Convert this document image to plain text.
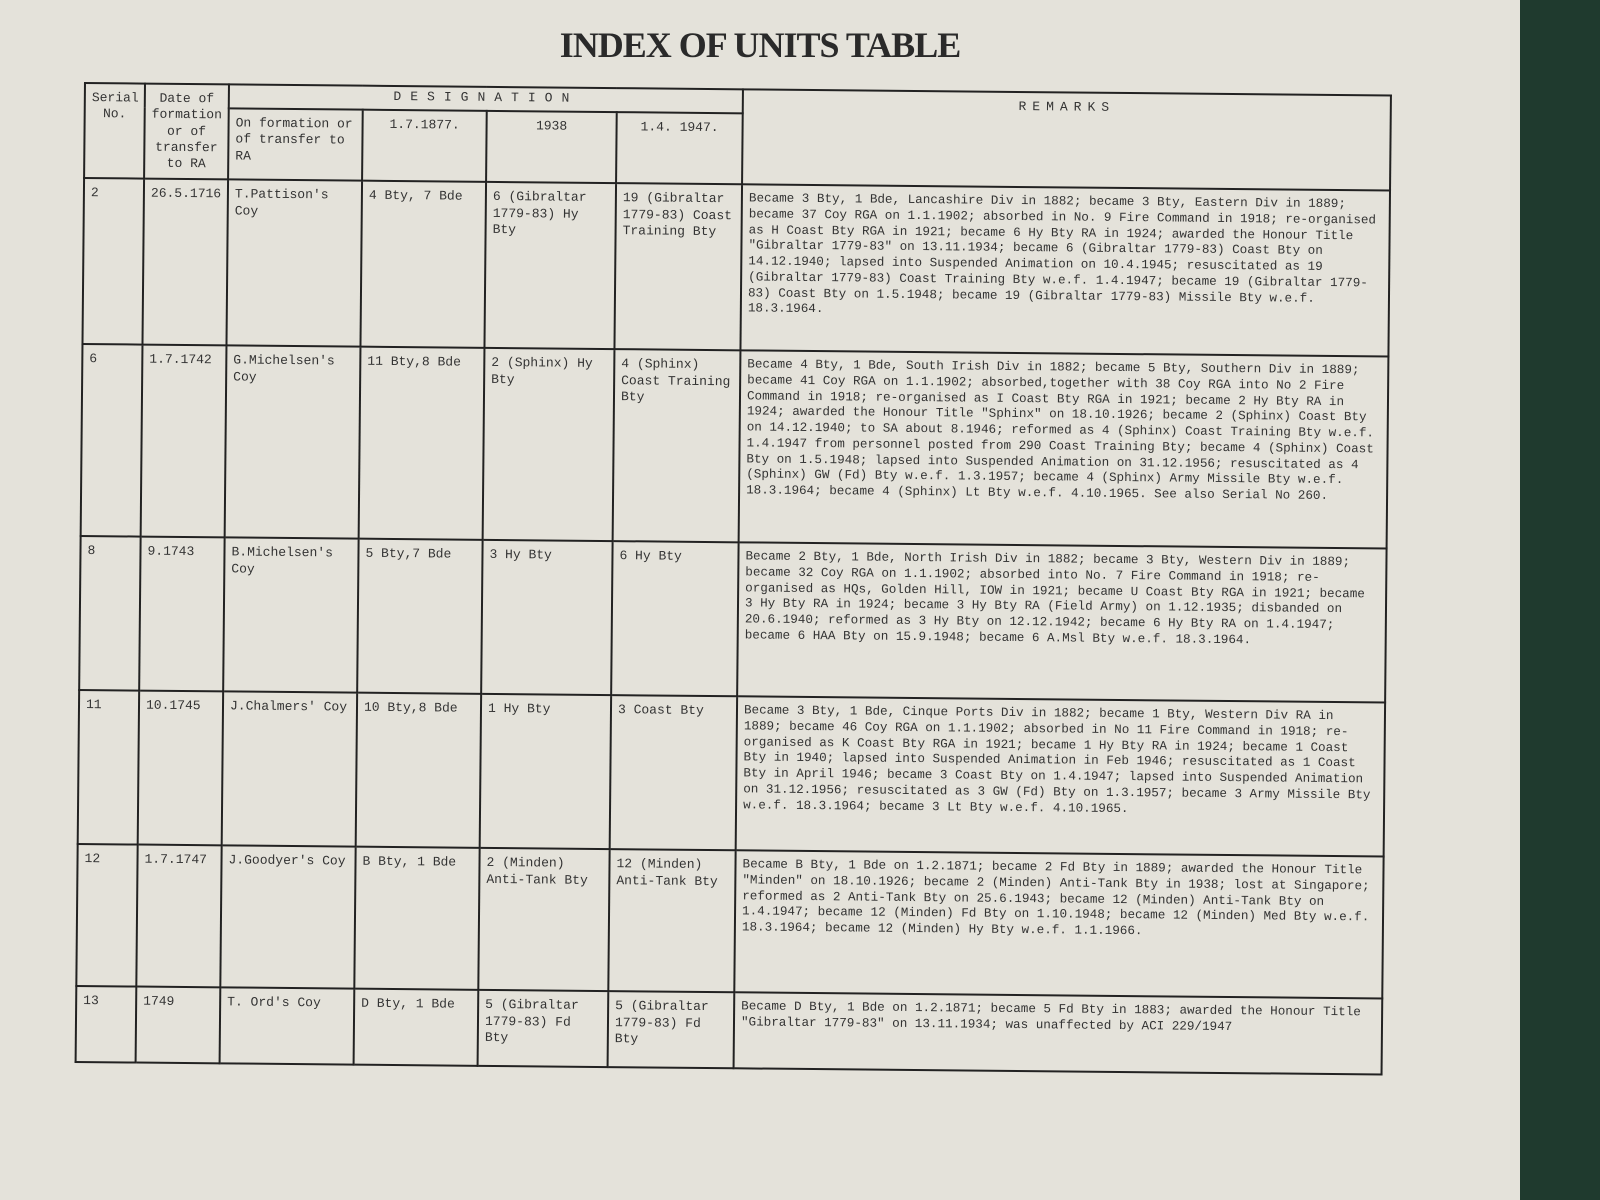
INDEX OF UNITS TABLE
Serial No.	Date of formation or of transfer to RA	DESIGNATION				REMARKS
		On formation or of transfer to RA	1.7.1877.	1938	1.4. 1947.	
2	26.5.1716	T.Pattison's Coy	4 Bty, 7 Bde	6 (Gibraltar 1779-83) Hy Bty	19 (Gibraltar 1779-83) Coast Training Bty	Became 3 Bty, 1 Bde, Lancashire Div in 1882; became 3 Bty, Eastern Div in 1889; became 37 Coy RGA on 1.1.1902; absorbed in No. 9 Fire Command in 1918; re-organised as H Coast Bty RGA in 1921; became 6 Hy Bty RA in 1924; awarded the Honour Title "Gibraltar 1779-83" on 13.11.1934; became 6 (Gibraltar 1779-83) Coast Bty on 14.12.1940; lapsed into Suspended Animation on 10.4.1945; resuscitated as 19 (Gibraltar 1779-83) Coast Training Bty w.e.f. 1.4.1947; became 19 (Gibraltar 1779-83) Coast Bty on 1.5.1948; became 19 (Gibraltar 1779-83) Missile Bty w.e.f. 18.3.1964.
6	1.7.1742	G.Michelsen's Coy	11 Bty,8 Bde	2 (Sphinx) Hy Bty	4 (Sphinx) Coast Training Bty	Became 4 Bty, 1 Bde, South Irish Div in 1882; became 5 Bty, Southern Div in 1889; became 41 Coy RGA on 1.1.1902; absorbed,together with 38 Coy RGA into No 2 Fire Command in 1918; re-organised as I Coast Bty RGA in 1921; became 2 Hy Bty RA in 1924; awarded the Honour Title "Sphinx" on 18.10.1926; became 2 (Sphinx) Coast Bty on 14.12.1940; to SA about 8.1946; reformed as 4 (Sphinx) Coast Training Bty w.e.f. 1.4.1947 from personnel posted from 290 Coast Training Bty; became 4 (Sphinx) Coast Bty on 1.5.1948; lapsed into Suspended Animation on 31.12.1956; resuscitated as 4 (Sphinx) GW (Fd) Bty w.e.f. 1.3.1957; became 4 (Sphinx) Army Missile Bty w.e.f. 18.3.1964; became 4 (Sphinx) Lt Bty w.e.f. 4.10.1965. See also Serial No 260.
8	9.1743	B.Michelsen's Coy	5 Bty,7 Bde	3 Hy Bty	6 Hy Bty	Became 2 Bty, 1 Bde, North Irish Div in 1882; became 3 Bty, Western Div in 1889; became 32 Coy RGA on 1.1.1902; absorbed into No. 7 Fire Command in 1918; re-organised as HQs, Golden Hill, IOW in 1921; became U Coast Bty RGA in 1921; became 3 Hy Bty RA in 1924; became 3 Hy Bty RA (Field Army) on 1.12.1935; disbanded on 20.6.1940; reformed as 3 Hy Bty on 12.12.1942; became 6 Hy Bty RA on 1.4.1947; became 6 HAA Bty on 15.9.1948; became 6 A.Msl Bty w.e.f. 18.3.1964.
11	10.1745	J.Chalmers' Coy	10 Bty,8 Bde	1 Hy Bty	3 Coast Bty	Became 3 Bty, 1 Bde, Cinque Ports Div in 1882; became 1 Bty, Western Div RA in 1889; became 46 Coy RGA on 1.1.1902; absorbed in No 11 Fire Command in 1918; re-organised as K Coast Bty RGA in 1921; became 1 Hy Bty RA in 1924; became 1 Coast Bty in 1940; lapsed into Suspended Animation in Feb 1946; resuscitated as 1 Coast Bty in April 1946; became 3 Coast Bty on 1.4.1947; lapsed into Suspended Animation on 31.12.1956; resuscitated as 3 GW (Fd) Bty on 1.3.1957; became 3 Army Missile Bty w.e.f. 18.3.1964; became 3 Lt Bty w.e.f. 4.10.1965.
12	1.7.1747	J.Goodyer's Coy	B Bty, 1 Bde	2 (Minden) Anti-Tank Bty	12 (Minden) Anti-Tank Bty	Became B Bty, 1 Bde on 1.2.1871; became 2 Fd Bty in 1889; awarded the Honour Title "Minden" on 18.10.1926; became 2 (Minden) Anti-Tank Bty in 1938; lost at Singapore; reformed as 2 Anti-Tank Bty on 25.6.1943; became 12 (Minden) Anti-Tank Bty on 1.4.1947; became 12 (Minden) Fd Bty on 1.10.1948; became 12 (Minden) Med Bty w.e.f. 18.3.1964; became 12 (Minden) Hy Bty w.e.f. 1.1.1966.
13	1749	T. Ord's Coy	D Bty, 1 Bde	5 (Gibraltar 1779-83) Fd Bty	5 (Gibraltar 1779-83) Fd Bty	Became D Bty, 1 Bde on 1.2.1871; became 5 Fd Bty in 1883; awarded the Honour Title "Gibraltar 1779-83" on 13.11.1934; was unaffected by ACI 229/1947
